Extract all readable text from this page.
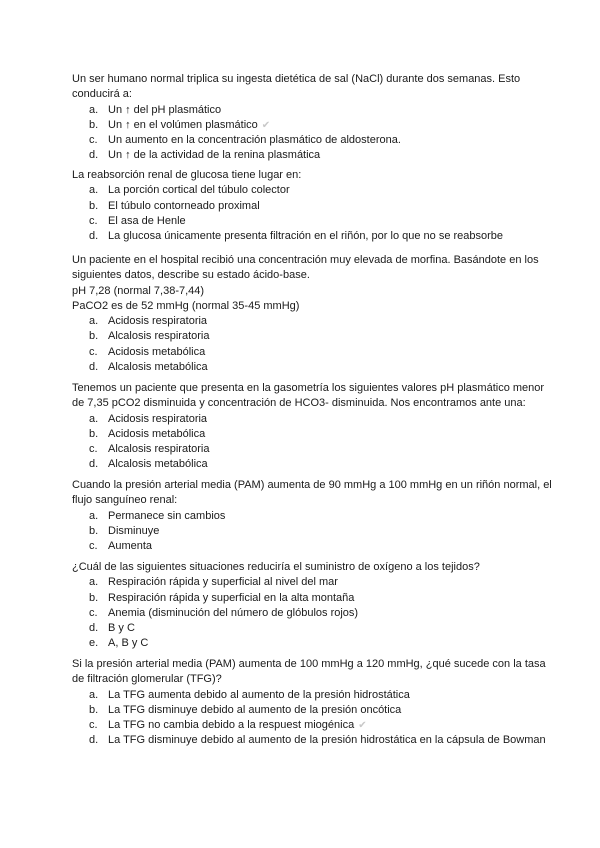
Un ser humano normal triplica su ingesta dietética de sal (NaCl) durante dos semanas. Esto conducirá a:
a. Un ↑ del pH plasmático
b. Un ↑ en el volúmen plasmático ✔
c. Un aumento en la concentración plasmático de aldosterona.
d. Un ↑ de la actividad de la renina plasmática
La reabsorción renal de glucosa tiene lugar en:
a. La porción cortical del túbulo colector
b. El túbulo contorneado proximal
c. El asa de Henle
d. La glucosa únicamente presenta filtración en el riñón, por lo que no se reabsorbe
Un paciente en el hospital recibió una concentración muy elevada de morfina. Basándote en los siguientes datos, describe su estado ácido-base.
pH 7,28 (normal 7,38-7,44)
PaCO2 es de 52 mmHg (normal 35-45 mmHg)
a. Acidosis respiratoria
b. Alcalosis respiratoria
c. Acidosis metabólica
d. Alcalosis metabólica
Tenemos un paciente que presenta en la gasometría los siguientes valores pH plasmático menor de 7,35 pCO2 disminuida y concentración de HCO3- disminuida. Nos encontramos ante una:
a. Acidosis respiratoria
b. Acidosis metabólica
c. Alcalosis respiratoria
d. Alcalosis metabólica
Cuando la presión arterial media (PAM) aumenta de 90 mmHg a 100 mmHg en un riñón normal, el flujo sanguíneo renal:
a. Permanece sin cambios
b. Disminuye
c. Aumenta
¿Cuál de las siguientes situaciones reduciría el suministro de oxígeno a los tejidos?
a. Respiración rápida y superficial al nivel del mar
b. Respiración rápida y superficial en la alta montaña
c. Anemia (disminución del número de glóbulos rojos)
d. B y C
e. A, B y C
Si la presión arterial media (PAM) aumenta de 100 mmHg a 120 mmHg, ¿qué sucede con la tasa de filtración glomerular (TFG)?
a. La TFG aumenta debido al aumento de la presión hidrostática
b. La TFG disminuye debido al aumento de la presión oncótica
c. La TFG no cambia debido a la respuest miogénica ✔
d. La TFG disminuye debido al aumento de la presión hidrostática en la cápsula de Bowman
